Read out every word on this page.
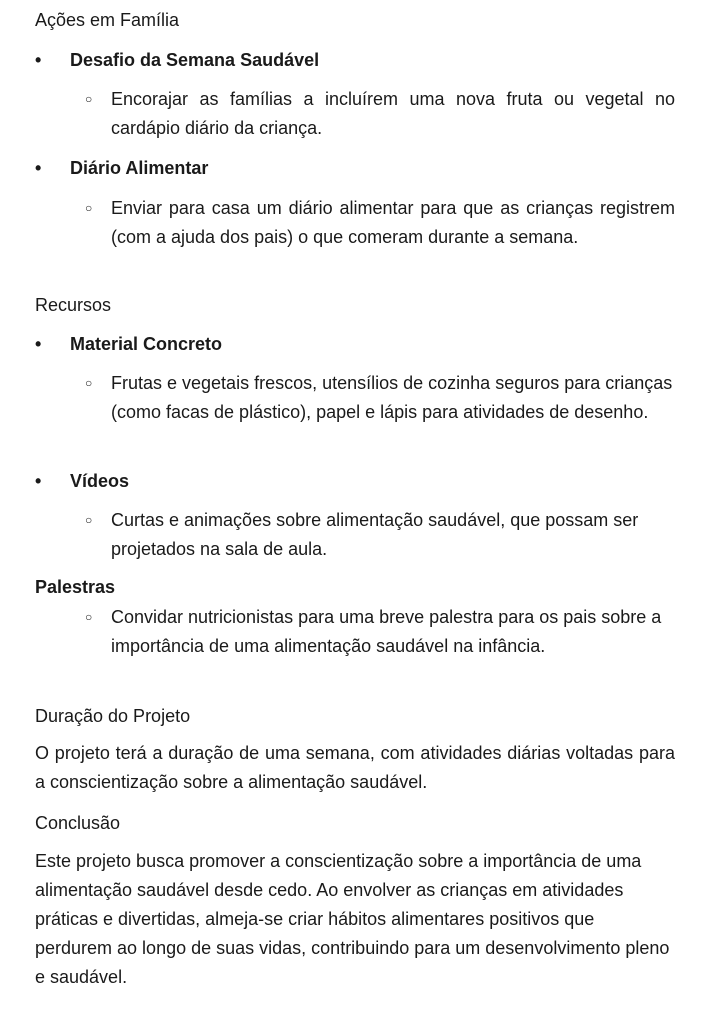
Ações em Família
• Desafio da Semana Saudável
○ Encorajar as famílias a incluírem uma nova fruta ou vegetal no cardápio diário da criança.
• Diário Alimentar
○ Enviar para casa um diário alimentar para que as crianças registrem (com a ajuda dos pais) o que comeram durante a semana.
Recursos
• Material Concreto
○ Frutas e vegetais frescos, utensílios de cozinha seguros para crianças (como facas de plástico), papel e lápis para atividades de desenho.
• Vídeos
○ Curtas e animações sobre alimentação saudável, que possam ser projetados na sala de aula.
Palestras
○ Convidar nutricionistas para uma breve palestra para os pais sobre a importância de uma alimentação saudável na infância.
Duração do Projeto
O projeto terá a duração de uma semana, com atividades diárias voltadas para a conscientização sobre a alimentação saudável.
Conclusão
Este projeto busca promover a conscientização sobre a importância de uma alimentação saudável desde cedo. Ao envolver as crianças em atividades práticas e divertidas, almeja-se criar hábitos alimentares positivos que perdurem ao longo de suas vidas, contribuindo para um desenvolvimento pleno e saudável.
